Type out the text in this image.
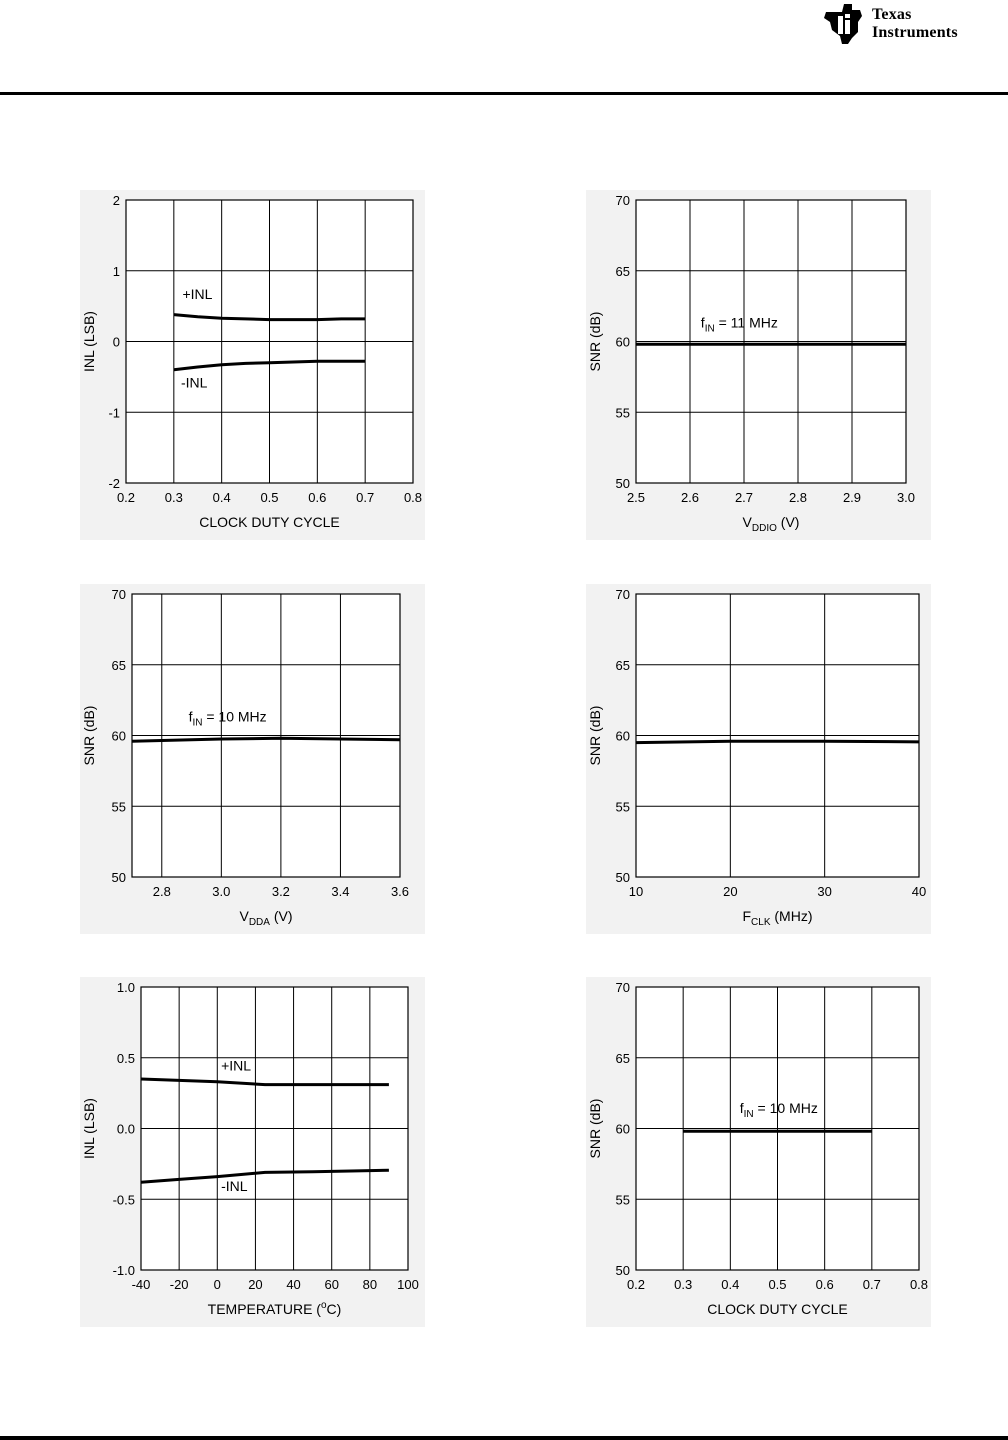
Texas
Instruments
0.2 0.3 0.4 0.5 0.6 0.7 0.8
-2
-1
0
1
2
CLOCK DUTY CYCLE
INL (LSB)
+INL
-INL
2.5	2.6	2.7	2.8	2.9	3.0
50
55
60
65
70
$V_{DDIO}$ (V)
SNR (dB)	$f_{IN} = 11$ MHz
2.8	3.0	3.2	3.4	3.6
50
55
60
65
70
$V_{DDA}$ (V)
SNR (dB)	$f_{IN} = 10$ MHz
10	20	30	40
50
55
60
65
70
$F_{CLK}$ (MHz)
SNR (dB)
-40 -20 0 20 40 60 80 100
-1.0
-0.5
0.0
0.5
1.0
TEMPERATURE ($^o$C)
INL (LSB)
+INL
-INL
0.2 0.3 0.4 0.5 0.6 0.7 0.8
50
55
60
65
70
CLOCK DUTY CYCLE
SNR (dB)	$f_{IN} = 10$ MHz
